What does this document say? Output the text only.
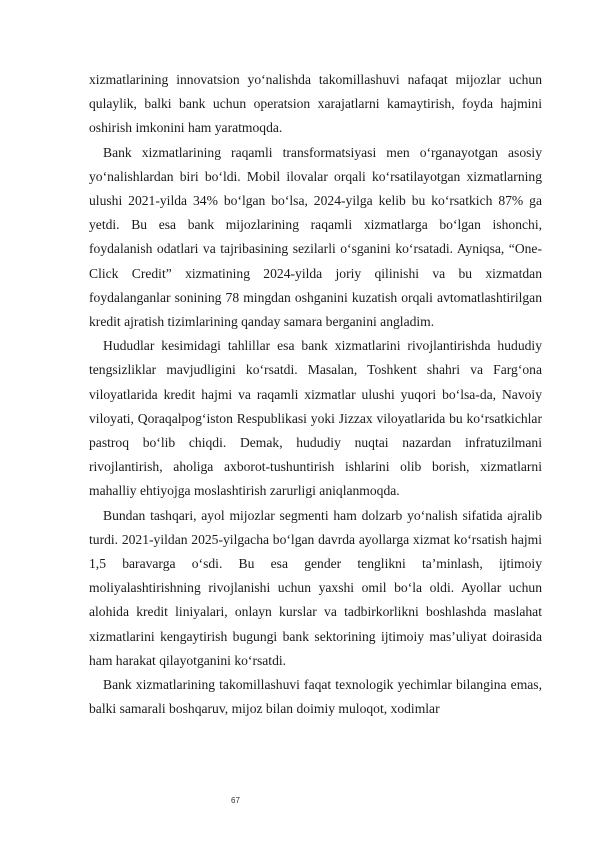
xizmatlarining innovatsion yo‘nalishda takomillashuvi nafaqat mijozlar uchun qulaylik, balki bank uchun operatsion xarajatlarni kamaytirish, foyda hajmini oshirish imkonini ham yaratmoqda.

Bank xizmatlarining raqamli transformatsiyasi men o‘rganayotgan asosiy yo‘nalishlardan biri bo‘ldi. Mobil ilovalar orqali ko‘rsatilayotgan xizmatlarning ulushi 2021-yilda 34% bo‘lgan bo‘lsa, 2024-yilga kelib bu ko‘rsatkich 87% ga yetdi. Bu esa bank mijozlarining raqamli xizmatlarga bo‘lgan ishonchi, foydalanish odatlari va tajribasining sezilarli o‘sganini ko‘rsatadi. Ayniqsa, “One-Click Credit” xizmatining 2024-yilda joriy qilinishi va bu xizmatdan foydalanganlar sonining 78 mingdan oshganini kuzatish orqali avtomatlashtirilgan kredit ajratish tizimlarining qanday samara berganini angladim.

Hududlar kesimidagi tahlillar esa bank xizmatlarini rivojlantirishda hududiy tengsizliklar mavjudligini ko‘rsatdi. Masalan, Toshkent shahri va Farg‘ona viloyatlarida kredit hajmi va raqamli xizmatlar ulushi yuqori bo‘lsa-da, Navoiy viloyati, Qoraqalpog‘iston Respublikasi yoki Jizzax viloyatlarida bu ko‘rsatkichlar pastroq bo‘lib chiqdi. Demak, hududiy nuqtai nazardan infratuzilmani rivojlantirish, aholiga axborot-tushuntirish ishlarini olib borish, xizmatlarni mahalliy ehtiyojga moslashtirish zarurligi aniqlanmoqda.

Bundan tashqari, ayol mijozlar segmenti ham dolzarb yo‘nalish sifatida ajralib turdi. 2021-yildan 2025-yilgacha bo‘lgan davrda ayollarga xizmat ko‘rsatish hajmi 1,5 baravarga o‘sdi. Bu esa gender tenglikni ta’minlash, ijtimoiy moliyalashtirishning rivojlanishi uchun yaxshi omil bo‘la oldi. Ayollar uchun alohida kredit liniyalari, onlayn kurslar va tadbirkorlikni boshlashda maslahat xizmatlarini kengaytirish bugungi bank sektorining ijtimoiy mas’uliyat doirasida ham harakat qilayotganini ko‘rsatdi.

Bank xizmatlarining takomillashuvi faqat texnologik yechimlar bilangina emas, balki samarali boshqaruv, mijoz bilan doimiy muloqot, xodimlar

67
